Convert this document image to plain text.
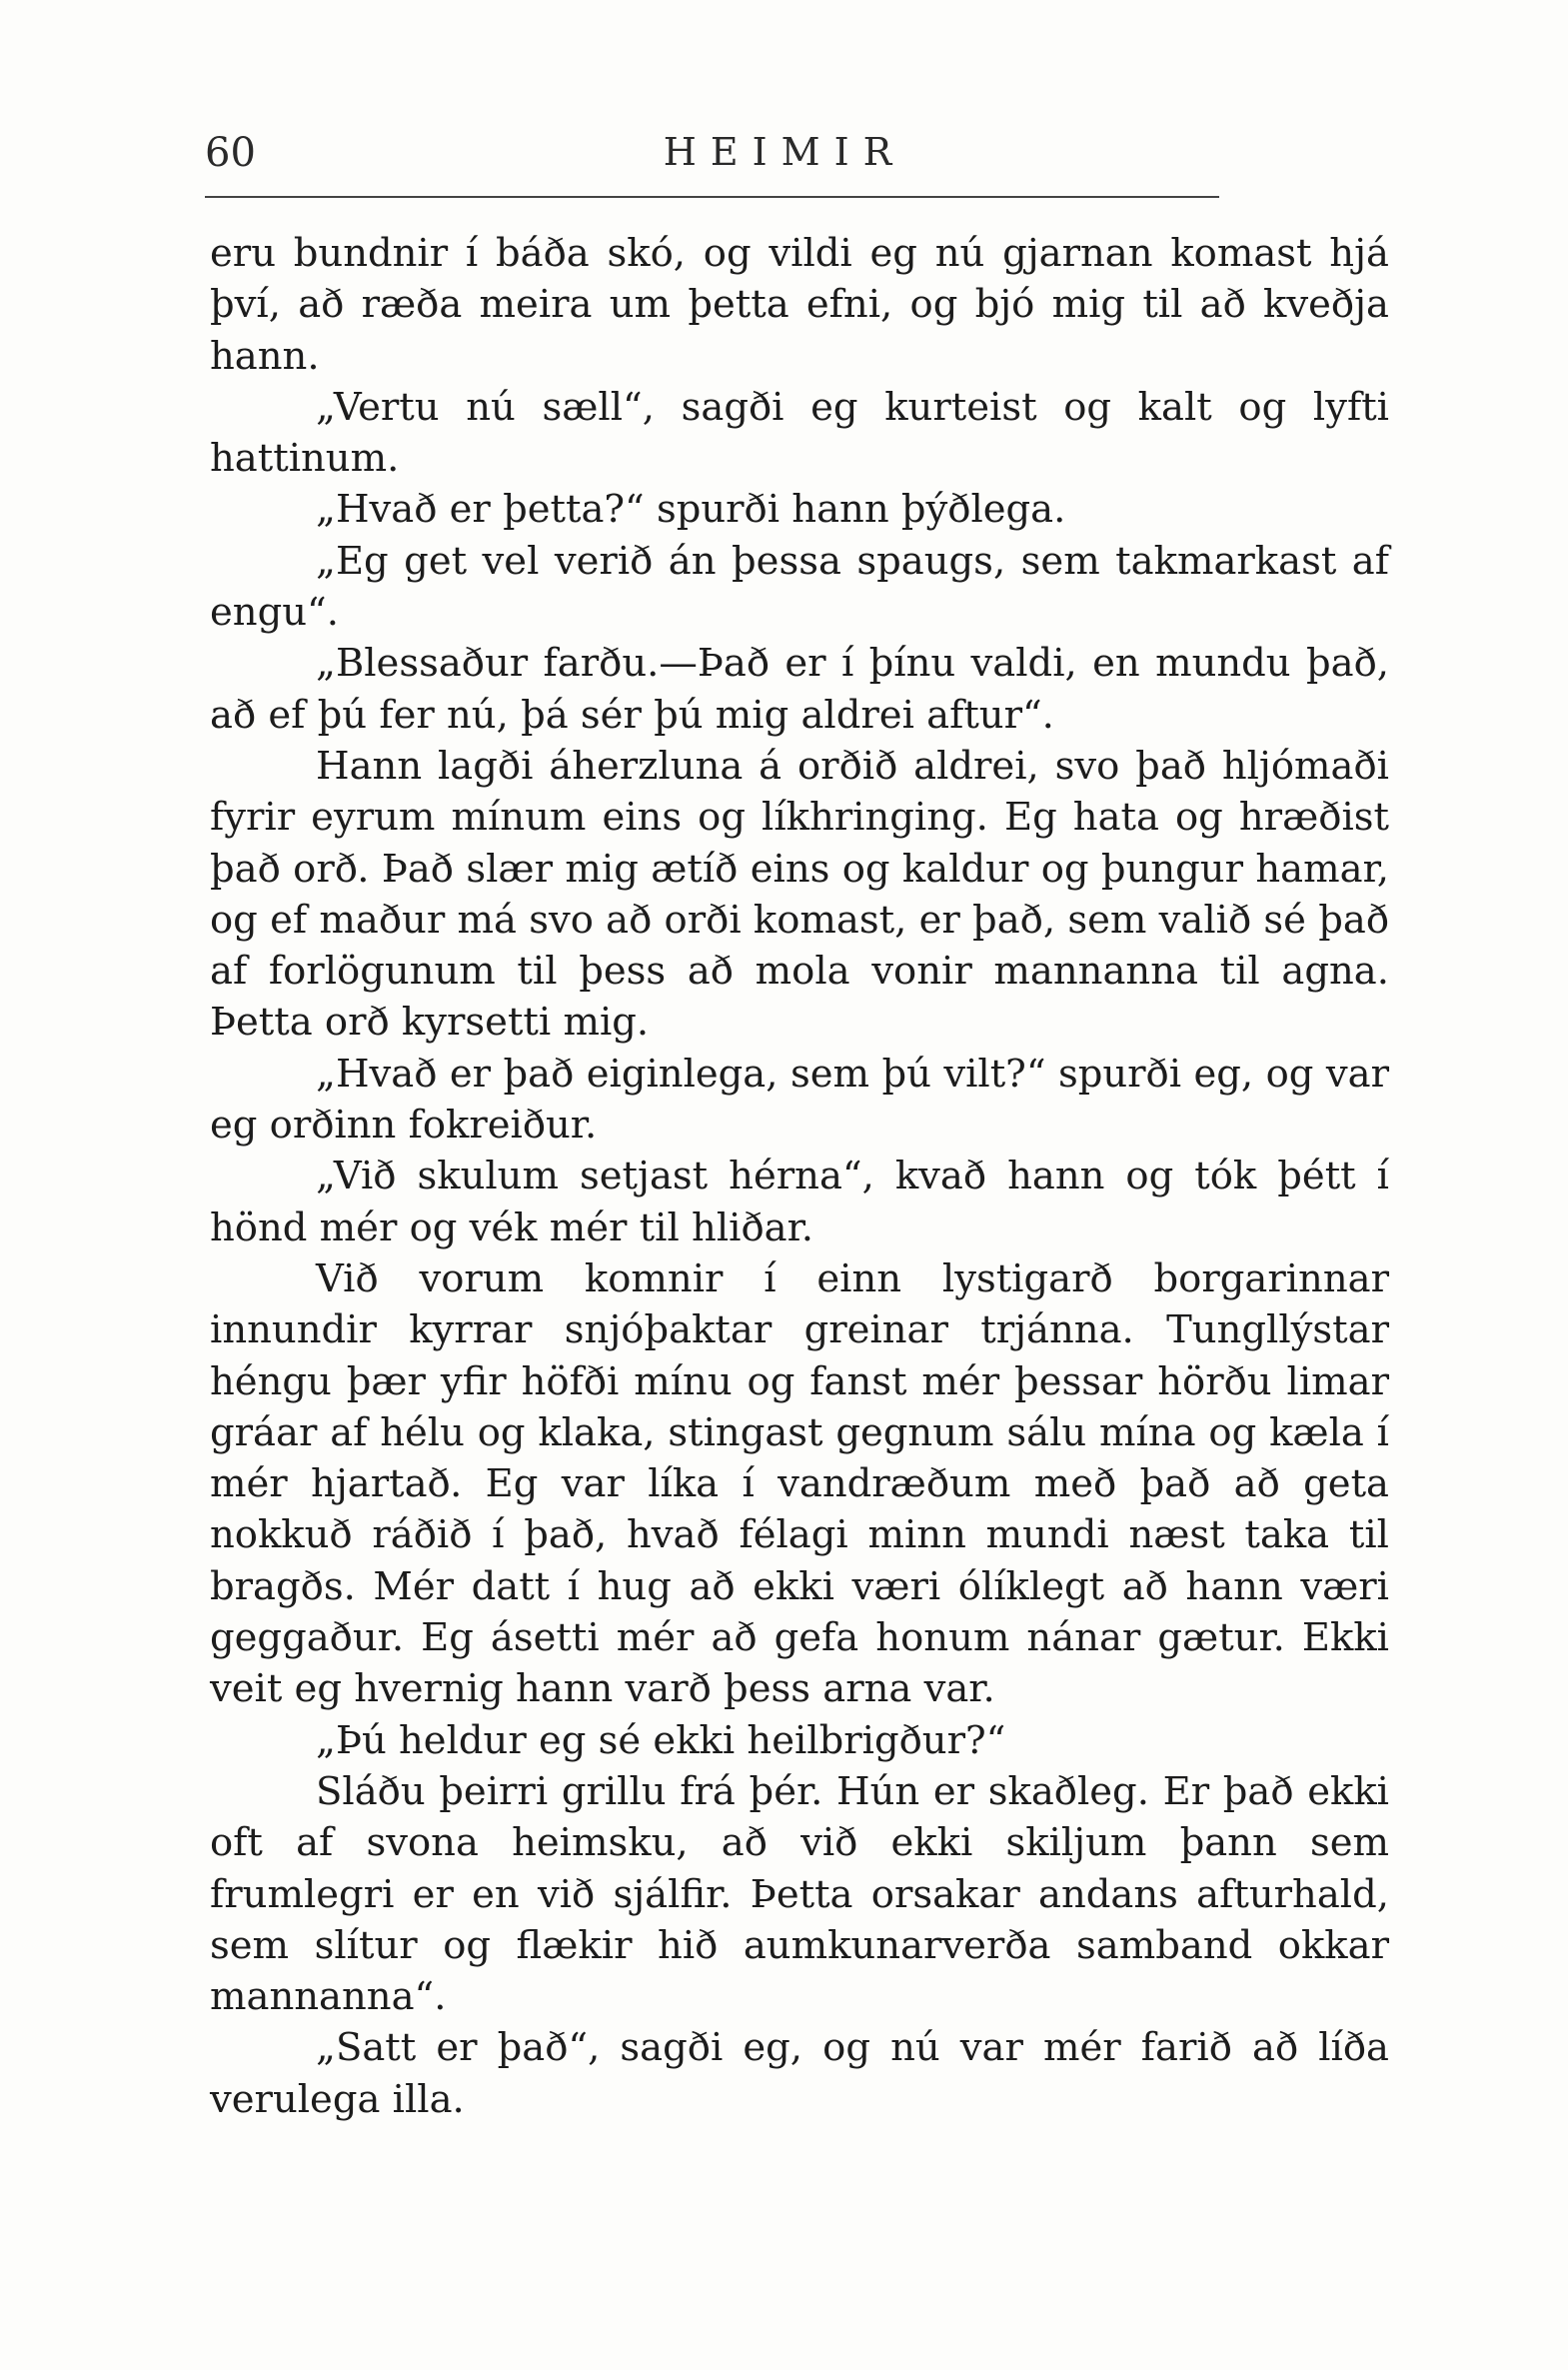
60	HEIMIR

eru bundnir í báða skó, og vildi eg nú gjarnan komast hjá því, að ræða meira um þetta efni, og bjó mig til að kveðja hann.

„Vertu nú sæll“, sagði eg kurteist og kalt og lyfti hattinum.

„Hvað er þetta?“ spurði hann þýðlega.

„Eg get vel verið án þessa spaugs, sem takmarkast af engu“.

„Blessaður farðu.—Það er í þínu valdi, en mundu það, að ef þú fer nú, þá sér þú mig aldrei aftur“.

Hann lagði áherzluna á orðið aldrei, svo það hljómaði fyrir eyrum mínum eins og líkhringing. Eg hata og hræðist það orð. Það slær mig ætíð eins og kaldur og þungur hamar, og ef maður má svo að orði komast, er það, sem valið sé það af forlögunum til þess að mola vonir mannanna til agna. Þetta orð kyrsetti mig.

„Hvað er það eiginlega, sem þú vilt?“ spurði eg, og var eg orðinn fokreiður.

„Við skulum setjast hérna“, kvað hann og tók þétt í hönd mér og vék mér til hliðar.

Við vorum komnir í einn lystigarð borgarinnar innundir kyrrar snjóþaktar greinar trjánna. Tungllýstar héngu þær yfir höfði mínu og fanst mér þessar hörðu limar gráar af hélu og klaka, stingast gegnum sálu mína og kæla í mér hjartað. Eg var líka í vandræðum með það að geta nokkuð ráðið í það, hvað félagi minn mundi næst taka til bragðs. Mér datt í hug að ekki væri ólíklegt að hann væri geggaður. Eg ásetti mér að gefa honum nánar gætur. Ekki veit eg hvernig hann varð þess arna var.

„Þú heldur eg sé ekki heilbrigður?“

Sláðu þeirri grillu frá þér. Hún er skaðleg. Er það ekki oft af svona heimsku, að við ekki skiljum þann sem frumlegri er en við sjálfir. Þetta orsakar andans afturhald, sem slítur og flækir hið aumkunarverða samband okkar mannanna“.

„Satt er það“, sagði eg, og nú var mér farið að líða verulega illa.
